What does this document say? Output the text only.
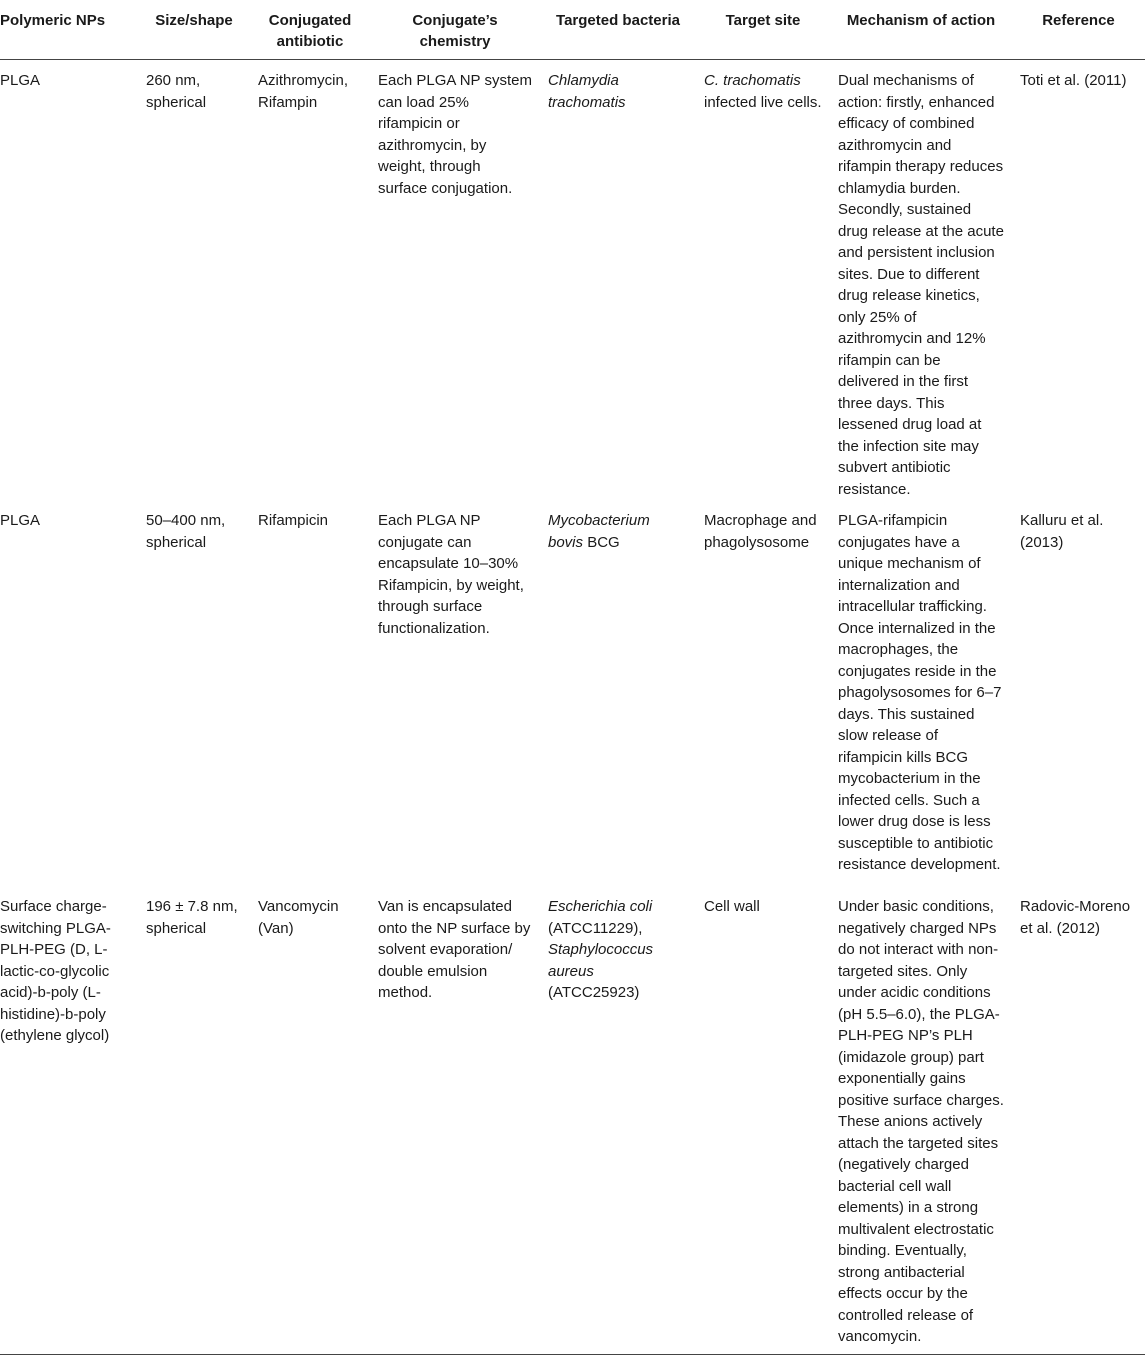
Polymeric NPs	Size/shape	Conjugated antibiotic	Conjugate’s chemistry	Targeted bacteria	Target site	Mechanism of action	Reference
PLGA	260 nm, spherical	Azithromycin, Rifampin	Each PLGA NP system can load 25% rifampicin or azithromycin, by weight, through surface conjugation.	Chlamydia trachomatis	C. trachomatis infected live cells.	Dual mechanisms of action: firstly, enhanced efficacy of combined azithromycin and rifampin therapy reduces chlamydia burden. Secondly, sustained drug release at the acute and persistent inclusion sites. Due to different drug release kinetics, only 25% of azithromycin and 12% rifampin can be delivered in the first three days. This lessened drug load at the infection site may subvert antibiotic resistance.	Toti et al. (2011)
PLGA	50–400 nm, spherical	Rifampicin	Each PLGA NP conjugate can encapsulate 10–30% Rifampicin, by weight, through surface functionalization.	Mycobacterium bovis BCG	Macrophage and phagolysosome	PLGA-rifampicin conjugates have a unique mechanism of internalization and intracellular trafficking. Once internalized in the macrophages, the conjugates reside in the phagolysosomes for 6–7 days. This sustained slow release of rifampicin kills BCG mycobacterium in the infected cells. Such a lower drug dose is less susceptible to antibiotic resistance development.	Kalluru et al. (2013)
Surface charge-switching PLGA-PLH-PEG (D, L-lactic-co-glycolic acid)-b-poly (L-histidine)-b-poly (ethylene glycol)	196 ± 7.8 nm, spherical	Vancomycin (Van)	Van is encapsulated onto the NP surface by solvent evaporation/ double emulsion method.	Escherichia coli (ATCC11229), Staphylococcus aureus (ATCC25923)	Cell wall	Under basic conditions, negatively charged NPs do not interact with non-targeted sites. Only under acidic conditions (pH 5.5–6.0), the PLGA-PLH-PEG NP’s PLH (imidazole group) part exponentially gains positive surface charges. These anions actively attach the targeted sites (negatively charged bacterial cell wall elements) in a strong multivalent electrostatic binding. Eventually, strong antibacterial effects occur by the controlled release of vancomycin.	Radovic-Moreno et al. (2012)
